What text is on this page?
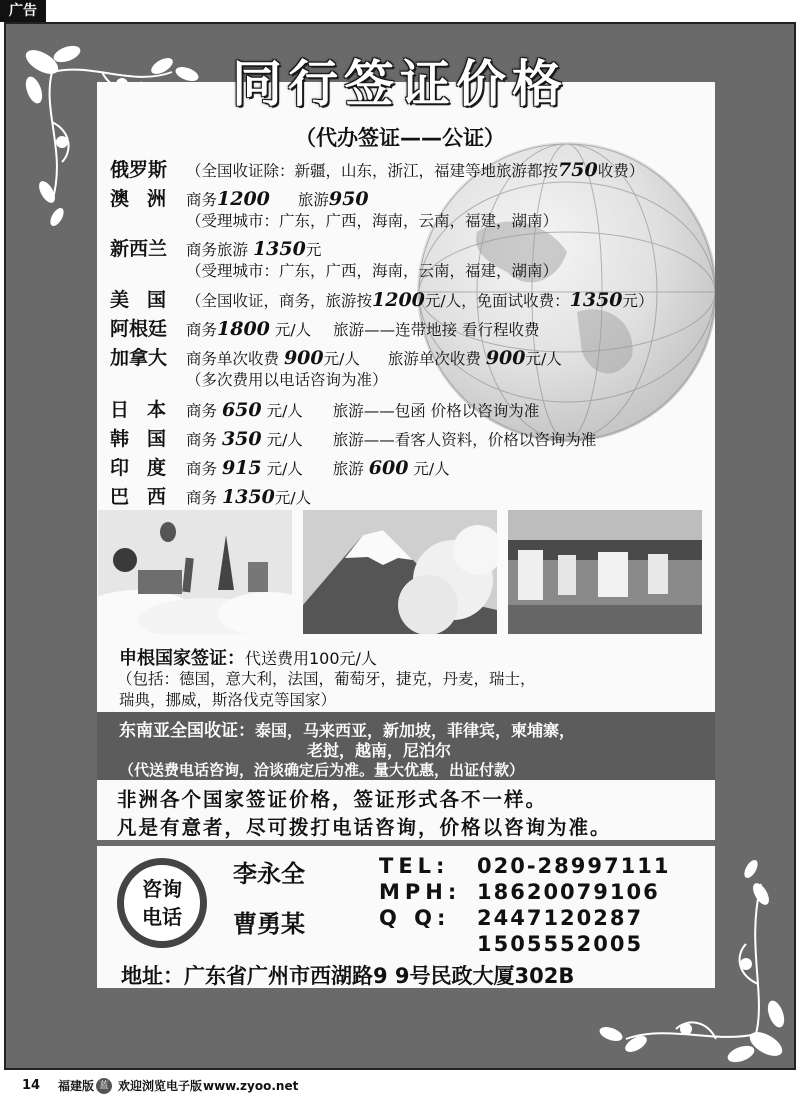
广告
同行签证价格
（代办签证——公证）
俄罗斯 （全国收证除：新疆，山东，浙江，福建等地旅游都按750收费）
澳洲 商务1200 旅游950
（受理城市：广东，广西，海南，云南，福建，湖南）
新西兰 商务旅游 1350元
（受理城市：广东，广西，海南，云南，福建，湖南）
美国 （全国收证，商务，旅游按1200元/人，免面试收费：1350元）
阿根廷 商务1800 元/人 旅游——连带地接 看行程收费
加拿大 商务单次收费 900元/人 旅游单次收费 900元/人
（多次费用以电话咨询为准）
日本 商务 650 元/人 旅游——包函 价格以咨询为准
韩国 商务 350 元/人 旅游——看客人资料，价格以咨询为准
印度 商务 915 元/人 旅游 600 元/人
巴西 商务 1350元/人
申根国家签证：代送费用100元/人
（包括：德国，意大利，法国，葡萄牙，捷克，丹麦，瑞士，
瑞典，挪威，斯洛伐克等国家）
东南亚全国收证：泰国，马来西亚，新加坡，菲律宾，柬埔寨，
老挝，越南，尼泊尔
（代送费电话咨询，洽谈确定后为准。量大优惠，出证付款）
非洲各个国家签证价格，签证形式各不一样。
凡是有意者，尽可拨打电话咨询，价格以咨询为准。
咨询
电话
李永全
曹勇某
TEL: 020-28997111
MPH: 18620079106
Q Q: 2447120287
1505552005
地址：广东省广州市西湖路9 9号民政大厦302B
14 福建版 蓝 欢迎浏览电子版 www.zyoo.net
